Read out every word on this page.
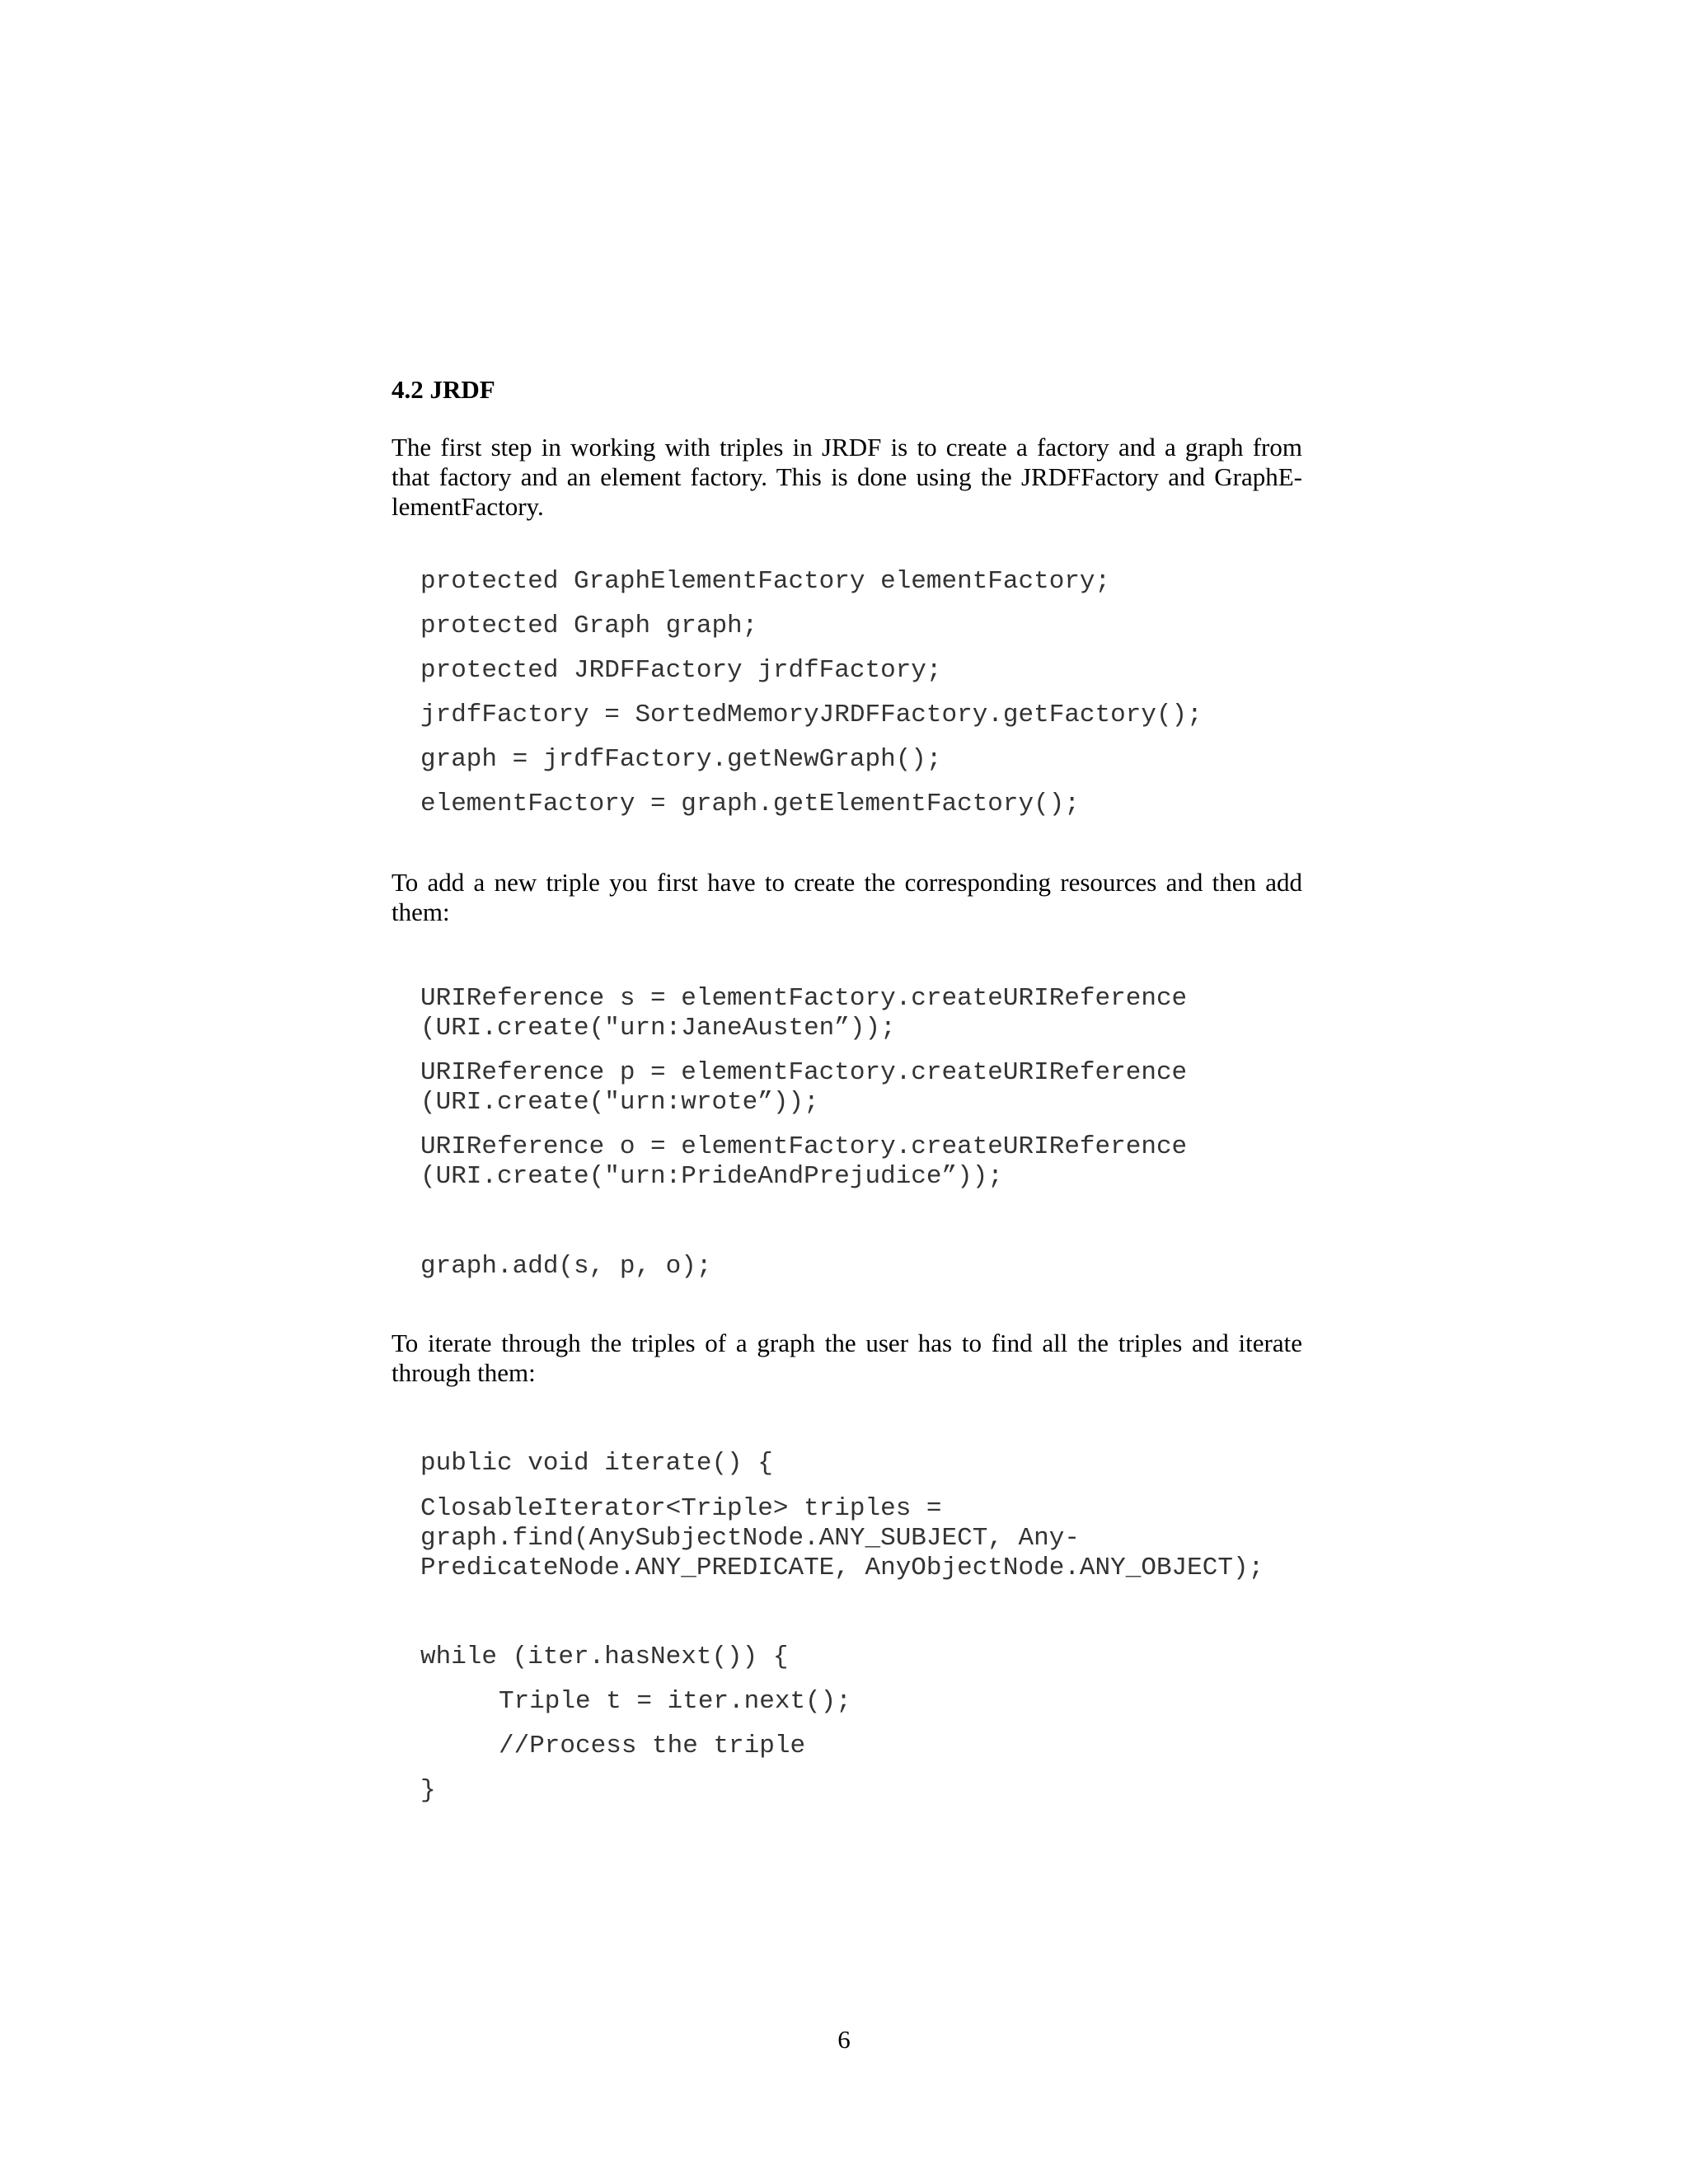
4.2 JRDF

The first step in working with triples in JRDF is to create a factory and a graph from
that factory and an element factory. This is done using the JRDFFactory and GraphE-
lementFactory.

protected GraphElementFactory elementFactory;
protected Graph graph;
protected JRDFFactory jrdfFactory;
jrdfFactory = SortedMemoryJRDFFactory.getFactory();
graph = jrdfFactory.getNewGraph();
elementFactory = graph.getElementFactory();

To add a new triple you first have to create the corresponding resources and then add
them:

URIReference s = elementFactory.createURIReference
(URI.create("urn:JaneAusten”));
URIReference p = elementFactory.createURIReference
(URI.create("urn:wrote”));
URIReference o = elementFactory.createURIReference
(URI.create("urn:PrideAndPrejudice”));
graph.add(s, p, o);

To iterate through the triples of a graph the user has to find all the triples and iterate
through them:

public void iterate() {
ClosableIterator<Triple> triples =
graph.find(AnySubjectNode.ANY_SUBJECT, Any-
PredicateNode.ANY_PREDICATE, AnyObjectNode.ANY_OBJECT);
while (iter.hasNext()) {
Triple t = iter.next();
//Process the triple
}

6
